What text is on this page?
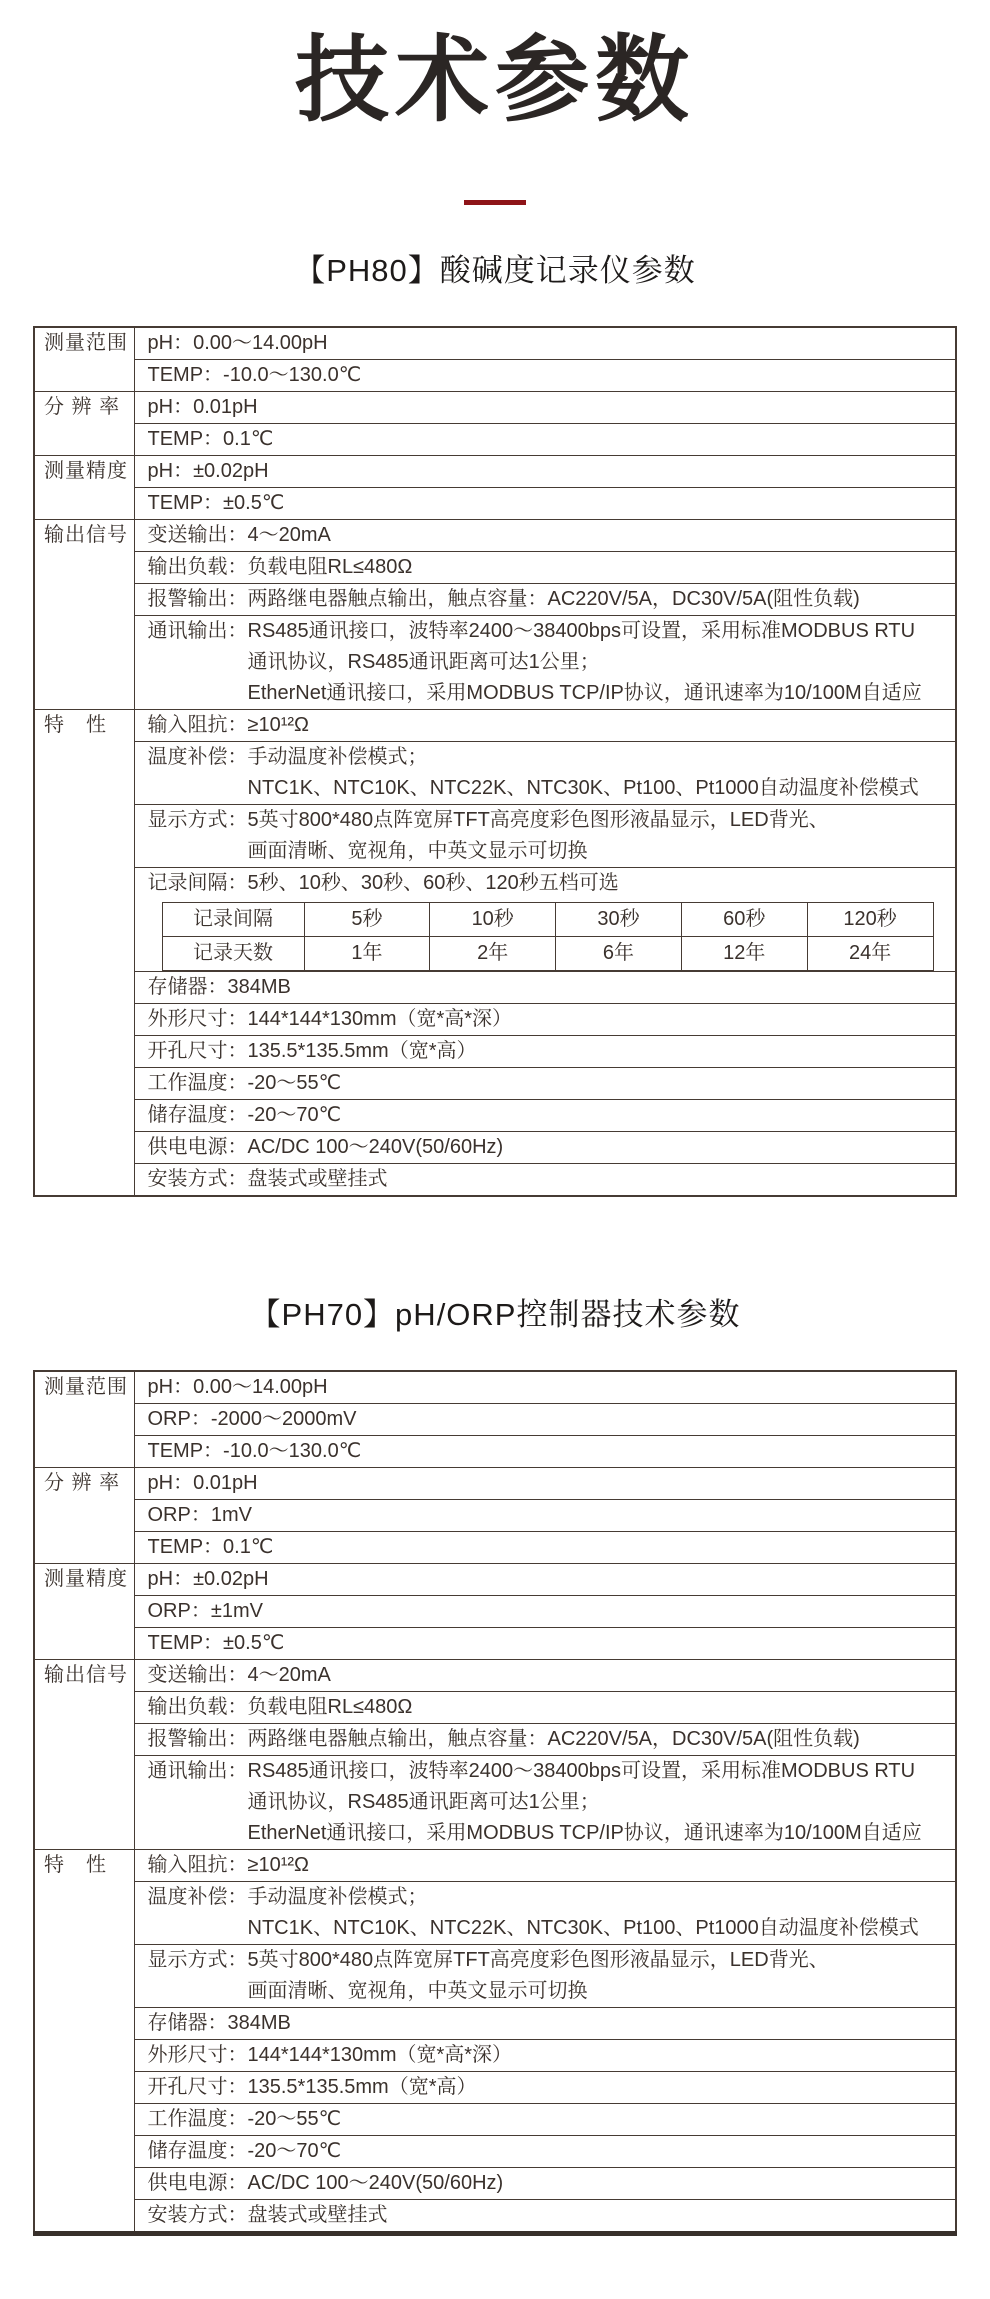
技术参数
【PH80】酸碱度记录仪参数
测量范围	pH：0.00～14.00pH

TEMP：-10.0～130.0℃

分 辨 率	pH：0.01pH

TEMP：0.1℃

测量精度	pH：±0.02pH

TEMP：±0.5℃

输出信号	变送输出：4～20mA

输出负载：负载电阻RL≤480Ω

报警输出：两路继电器触点输出，触点容量：AC220V/5A，DC30V/5A(阻性负载)

通讯输出：RS485通讯接口，波特率2400～38400bps可设置，采用标准MODBUS RTU
通讯协议，RS485通讯距离可达1公里；
EtherNet通讯接口，采用MODBUS TCP/IP协议，通讯速率为10/100M自适应

特　性	输入阻抗：≥10¹²Ω

温度补偿：手动温度补偿模式；
NTC1K、NTC10K、NTC22K、NTC30K、Pt100、Pt1000自动温度补偿模式

显示方式：5英寸800*480点阵宽屏TFT高亮度彩色图形液晶显示，LED背光、
画面清晰、宽视角，中英文显示可切换

记录间隔：5秒、10秒、30秒、60秒、120秒五档可选
记录间隔	5秒	10秒	30秒	60秒	120秒
记录天数	1年	2年	6年	12年	24年

存储器：384MB

外形尺寸：144*144*130mm（宽*高*深）

开孔尺寸：135.5*135.5mm（宽*高）

工作温度：-20～55℃

储存温度：-20～70℃

供电电源：AC/DC 100～240V(50/60Hz)

安装方式：盘装式或壁挂式
【PH70】pH/ORP控制器技术参数
测量范围	pH：0.00～14.00pH

	ORP：-2000～2000mV

	TEMP：-10.0～130.0℃

分 辨 率	pH：0.01pH

	ORP：1mV

	TEMP：0.1℃

测量精度	pH：±0.02pH

	ORP：±1mV

	TEMP：±0.5℃

输出信号	变送输出：4～20mA

	输出负载：负载电阻RL≤480Ω

	报警输出：两路继电器触点输出，触点容量：AC220V/5A，DC30V/5A(阻性负载)

	通讯输出：RS485通讯接口，波特率2400～38400bps可设置，采用标准MODBUS RTU
通讯协议，RS485通讯距离可达1公里；
EtherNet通讯接口，采用MODBUS TCP/IP协议，通讯速率为10/100M自适应

特　性	输入阻抗：≥10¹²Ω

	温度补偿：手动温度补偿模式；
NTC1K、NTC10K、NTC22K、NTC30K、Pt100、Pt1000自动温度补偿模式

	显示方式：5英寸800*480点阵宽屏TFT高亮度彩色图形液晶显示，LED背光、
画面清晰、宽视角，中英文显示可切换

	存储器：384MB

	外形尺寸：144*144*130mm（宽*高*深）

	开孔尺寸：135.5*135.5mm（宽*高）

	工作温度：-20～55℃

	储存温度：-20～70℃

	供电电源：AC/DC 100～240V(50/60Hz)

	安装方式：盘装式或壁挂式
